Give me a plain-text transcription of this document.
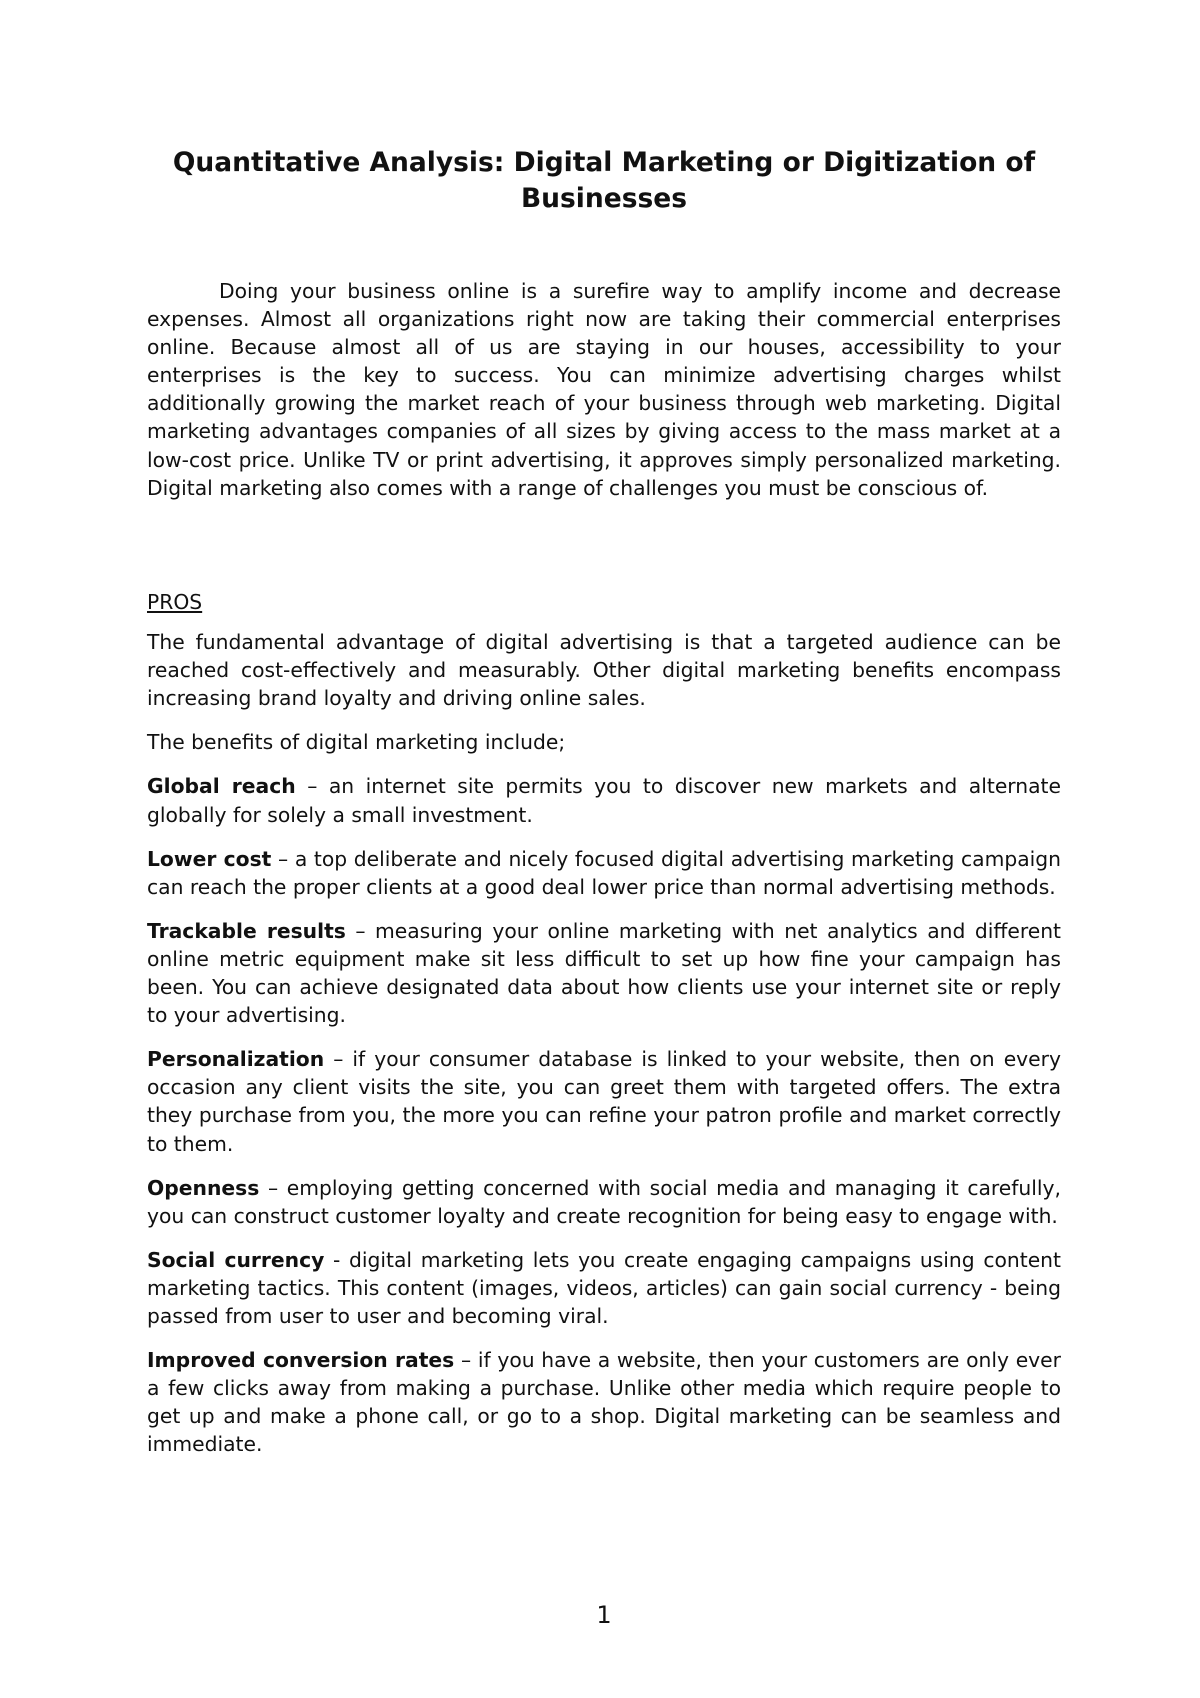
Quantitative Analysis: Digital Marketing or Digitization of Businesses

Doing your business online is a surefire way to amplify income and decrease expenses. Almost all organizations right now are taking their commercial enterprises online. Because almost all of us are staying in our houses, accessibility to your enterprises is the key to success. You can minimize advertising charges whilst additionally growing the market reach of your business through web marketing. Digital marketing advantages companies of all sizes by giving access to the mass market at a low-cost price. Unlike TV or print advertising, it approves simply personalized marketing. Digital marketing also comes with a range of challenges you must be conscious of.

PROS

The fundamental advantage of digital advertising is that a targeted audience can be reached cost-effectively and measurably. Other digital marketing benefits encompass increasing brand loyalty and driving online sales.

The benefits of digital marketing include;

Global reach – an internet site permits you to discover new markets and alternate globally for solely a small investment.

Lower cost – a top deliberate and nicely focused digital advertising marketing campaign can reach the proper clients at a good deal lower price than normal advertising methods.

Trackable results – measuring your online marketing with net analytics and different online metric equipment make sit less difficult to set up how fine your campaign has been. You can achieve designated data about how clients use your internet site or reply to your advertising.

Personalization – if your consumer database is linked to your website, then on every occasion any client visits the site, you can greet them with targeted offers. The extra they purchase from you, the more you can refine your patron profile and market correctly to them.

Openness – employing getting concerned with social media and managing it carefully, you can construct customer loyalty and create recognition for being easy to engage with.

Social currency - digital marketing lets you create engaging campaigns using content marketing tactics. This content (images, videos, articles) can gain social currency - being passed from user to user and becoming viral.

Improved conversion rates – if you have a website, then your customers are only ever a few clicks away from making a purchase. Unlike other media which require people to get up and make a phone call, or go to a shop. Digital marketing can be seamless and immediate.

1
